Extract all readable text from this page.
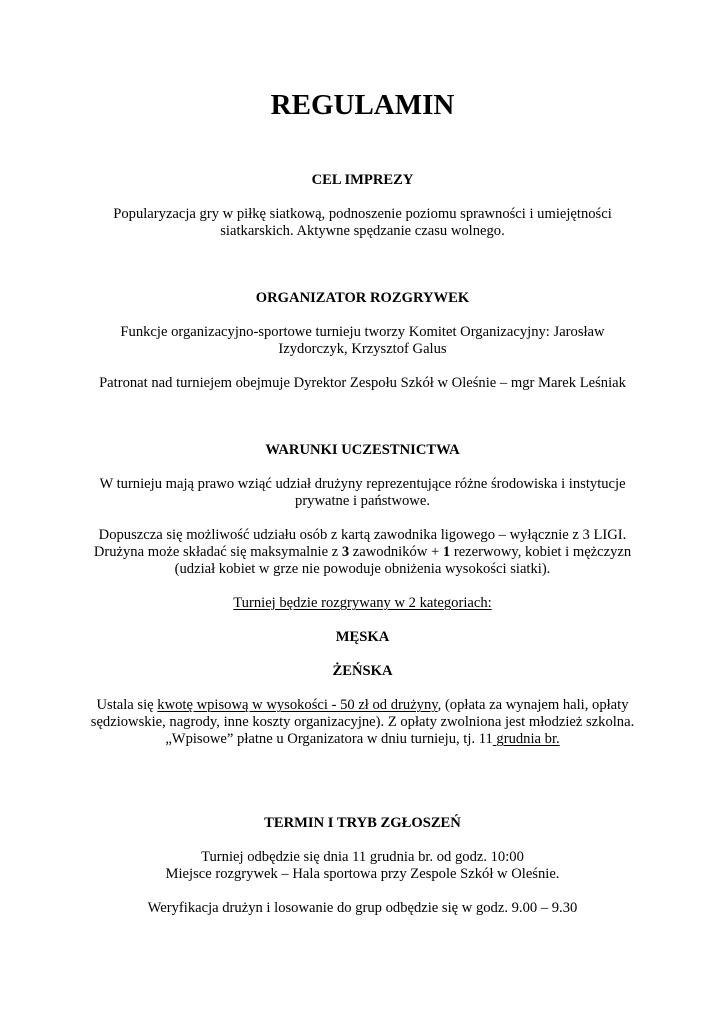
REGULAMIN
CEL IMPREZY
Popularyzacja gry w piłkę siatkową, podnoszenie poziomu sprawności i umiejętności
siatkarskich. Aktywne spędzanie czasu wolnego.
ORGANIZATOR ROZGRYWEK
Funkcje organizacyjno-sportowe turnieju tworzy Komitet Organizacyjny: Jarosław
Izydorczyk, Krzysztof Galus
Patronat nad turniejem obejmuje Dyrektor Zespołu Szkół w Oleśnie – mgr Marek Leśniak
WARUNKI UCZESTNICTWA
W turnieju mają prawo wziąć udział drużyny reprezentujące różne środowiska i instytucje
prywatne i państwowe.
Dopuszcza się możliwość udziału osób z kartą zawodnika ligowego – wyłącznie z 3 LIGI.
Drużyna może składać się maksymalnie z 3 zawodników + 1 rezerwowy, kobiet i mężczyzn
(udział kobiet w grze nie powoduje obniżenia wysokości siatki).
Turniej będzie rozgrywany w 2 kategoriach:
MĘSKA
ŻEŃSKA
Ustala się kwotę wpisową w wysokości - 50 zł od drużyny, (opłata za wynajem hali, opłaty
sędziowskie, nagrody, inne koszty organizacyjne). Z opłaty zwolniona jest młodzież szkolna.
„Wpisowe” płatne u Organizatora w dniu turnieju, tj. 11 grudnia br.
TERMIN I TRYB ZGŁOSZEŃ
Turniej odbędzie się dnia 11 grudnia br. od godz. 10:00
Miejsce rozgrywek – Hala sportowa przy Zespole Szkół w Oleśnie.
Weryfikacja drużyn i losowanie do grup odbędzie się w godz. 9.00 – 9.30
